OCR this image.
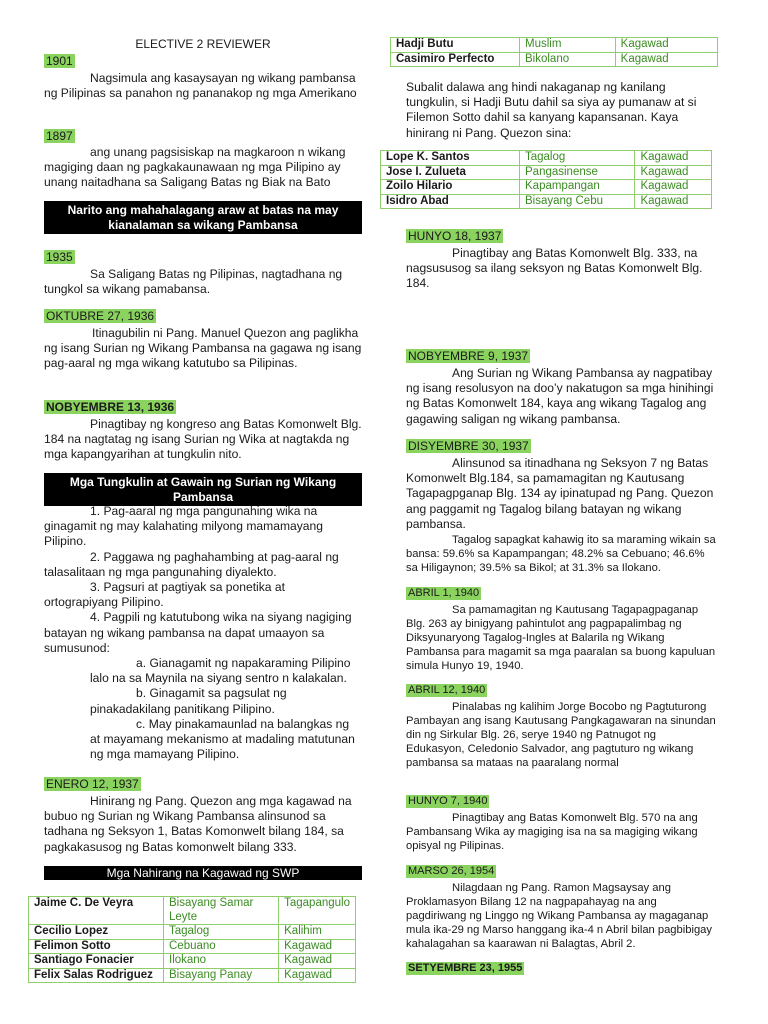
ELECTIVE 2 REVIEWER
1901

Nagsimula ang kasaysayan ng wikang pambansa ng Pilipinas sa panahon ng pananakop ng mga Amerikano

1897

ang unang pagsisiskap na magkaroon n wikang magiging daan ng pagkakaunawaan ng mga Pilipino ay unang naitadhana sa Saligang Batas ng Biak na Bato

Narito ang mahahalagang araw at batas na may kianalaman sa wikang Pambansa
1935

Sa Saligang Batas ng Pilipinas, nagtadhana ng tungkol sa wikang pamabansa.

OKTUBRE 27, 1936

Itinagubilin ni Pang. Manuel Quezon ang paglikha ng isang Surian ng Wikang Pambansa na gagawa ng isang pag-aaral ng mga wikang katutubo sa Pilipinas.

NOBYEMBRE 13, 1936

Pinagtibay ng kongreso ang Batas Komonwelt Blg. 184 na nagtatag ng isang Surian ng Wika at nagtakda ng mga kapangyarihan at tungkulin nito.

Mga Tungkulin at Gawain ng Surian ng Wikang Pambansa

1. Pag-aaral ng mga pangunahing wika na ginagamit ng may kalahating milyong mamamayang Pilipino.

2. Paggawa ng paghahambing at pag-aaral ng talasalitaan ng mga pangunahing diyalekto.

3. Pagsuri at pagtiyak sa ponetika at ortograpiyang Pilipino.

4. Pagpili ng katutubong wika na siyang nagiging batayan ng wikang pambansa na dapat umaayon sa sumusunod:

a. Gianagamit ng napakaraming Pilipino lalo na sa Maynila na siyang sentro n kalakalan.

b. Ginagamit sa pagsulat ng pinakadakilang panitikang Pilipino.

c. May pinakamaunlad na balangkas ng at mayamang mekanismo at madaling matutunan ng mga mamayang Pilipino.

ENERO 12, 1937

Hinirang ng Pang. Quezon ang mga kagawad na bubuo ng Surian ng Wikang Pambansa alinsunod sa tadhana ng Seksyon 1, Batas Komonwelt bilang 184, sa pagkakasusog ng Batas komonwelt bilang 333.

Mga Nahirang na Kagawad ng SWP
Jaime C. De Veyra	Bisayang Samar Leyte	Tagapangulo
Cecilio Lopez	Tagalog	Kalihim
Felimon Sotto	Cebuano	Kagawad
Santiago Fonacier	Ilokano	Kagawad
Felix Salas Rodriguez	Bisayang Panay	Kagawad
Hadji Butu	Muslim	Kagawad
Casimiro Perfecto	Bikolano	Kagawad

Subalit dalawa ang hindi nakaganap ng kanilang tungkulin, si Hadji Butu dahil sa siya ay pumanaw at si Filemon Sotto dahil sa kanyang kapansanan. Kaya hinirang ni Pang. Quezon sina:

Lope K. Santos	Tagalog	Kagawad
Jose I. Zulueta	Pangasinense	Kagawad
Zoilo Hilario	Kapampangan	Kagawad
Isidro Abad	Bisayang Cebu	Kagawad
HUNYO 18, 1937

Pinagtibay ang Batas Komonwelt Blg. 333, na nagsususog sa ilang seksyon ng Batas Komonwelt Blg. 184.

NOBYEMBRE 9, 1937

Ang Surian ng Wikang Pambansa ay nagpatibay ng isang resolusyon na doo’y nakatugon sa mga hinihingi ng Batas Komonwelt 184, kaya ang wikang Tagalog ang gagawing saligan ng wikang pambansa.

DISYEMBRE 30, 1937

Alinsunod sa itinadhana ng Seksyon 7 ng Batas Komonwelt Blg.184, sa pamamagitan ng Kautusang Tagapagpganap Blg. 134 ay ipinatupad ng Pang. Quezon ang paggamit ng Tagalog bilang batayan ng wikang pambansa.

Tagalog sapagkat kahawig ito sa maraming wikain sa bansa: 59.6% sa Kapampangan; 48.2% sa Cebuano; 46.6% sa Hiligaynon; 39.5% sa Bikol; at 31.3% sa Ilokano.

ABRIL 1, 1940

Sa pamamagitan ng Kautusang Tagapagpaganap Blg. 263 ay binigyang pahintulot ang pagpapalimbag ng Diksyunaryong Tagalog-Ingles at Balarila ng Wikang Pambansa para magamit sa mga paaralan sa buong kapuluan simula Hunyo 19, 1940.

ABRIL 12, 1940

Pinalabas ng kalihim Jorge Bocobo ng Pagtuturong Pambayan ang isang Kautusang Pangkagawaran na sinundan din ng Sirkular Blg. 26, serye 1940 ng Patnugot ng Edukasyon, Celedonio Salvador, ang pagtuturo ng wikang pambansa sa mataas na paaralang normal

HUNYO 7, 1940

Pinagtibay ang Batas Komonwelt Blg. 570 na ang Pambansang Wika ay magiging isa na sa magiging wikang opisyal ng Pilipinas.

MARSO 26, 1954

Nilagdaan ng Pang. Ramon Magsaysay ang Proklamasyon Bilang 12 na nagpapahayag na ang pagdiriwang ng Linggo ng Wikang Pambansa ay magaganap mula ika-29 ng Marso hanggang ika-4 n Abril bilan pagbibigay kahalagahan sa kaarawan ni Balagtas, Abril 2.

SETYEMBRE 23, 1955
